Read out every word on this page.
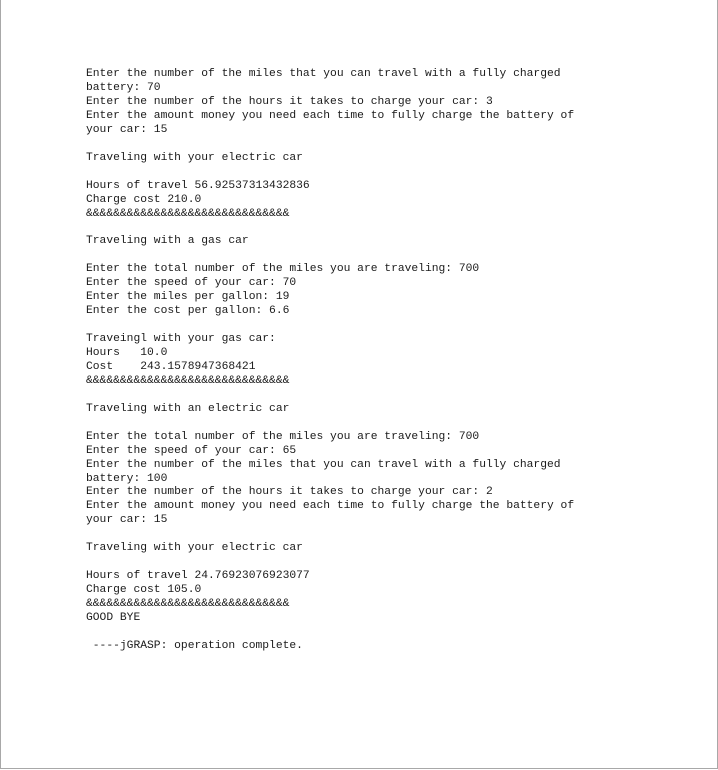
Enter the number of the miles that you can travel with a fully charged
battery: 70
Enter the number of the hours it takes to charge your car: 3
Enter the amount money you need each time to fully charge the battery of
your car: 15
Traveling with your electric car
Hours of travel 56.92537313432836
Charge cost 210.0
&&&&&&&&&&&&&&&&&&&&&&&&&&&&&&
Traveling with a gas car
Enter the total number of the miles you are traveling: 700
Enter the speed of your car: 70
Enter the miles per gallon: 19
Enter the cost per gallon: 6.6
Traveingl with your gas car:
Hours   10.0
Cost    243.1578947368421
&&&&&&&&&&&&&&&&&&&&&&&&&&&&&&
Traveling with an electric car
Enter the total number of the miles you are traveling: 700
Enter the speed of your car: 65
Enter the number of the miles that you can travel with a fully charged
battery: 100
Enter the number of the hours it takes to charge your car: 2
Enter the amount money you need each time to fully charge the battery of
your car: 15
Traveling with your electric car
Hours of travel 24.76923076923077
Charge cost 105.0
&&&&&&&&&&&&&&&&&&&&&&&&&&&&&&
GOOD BYE
----jGRASP: operation complete.
